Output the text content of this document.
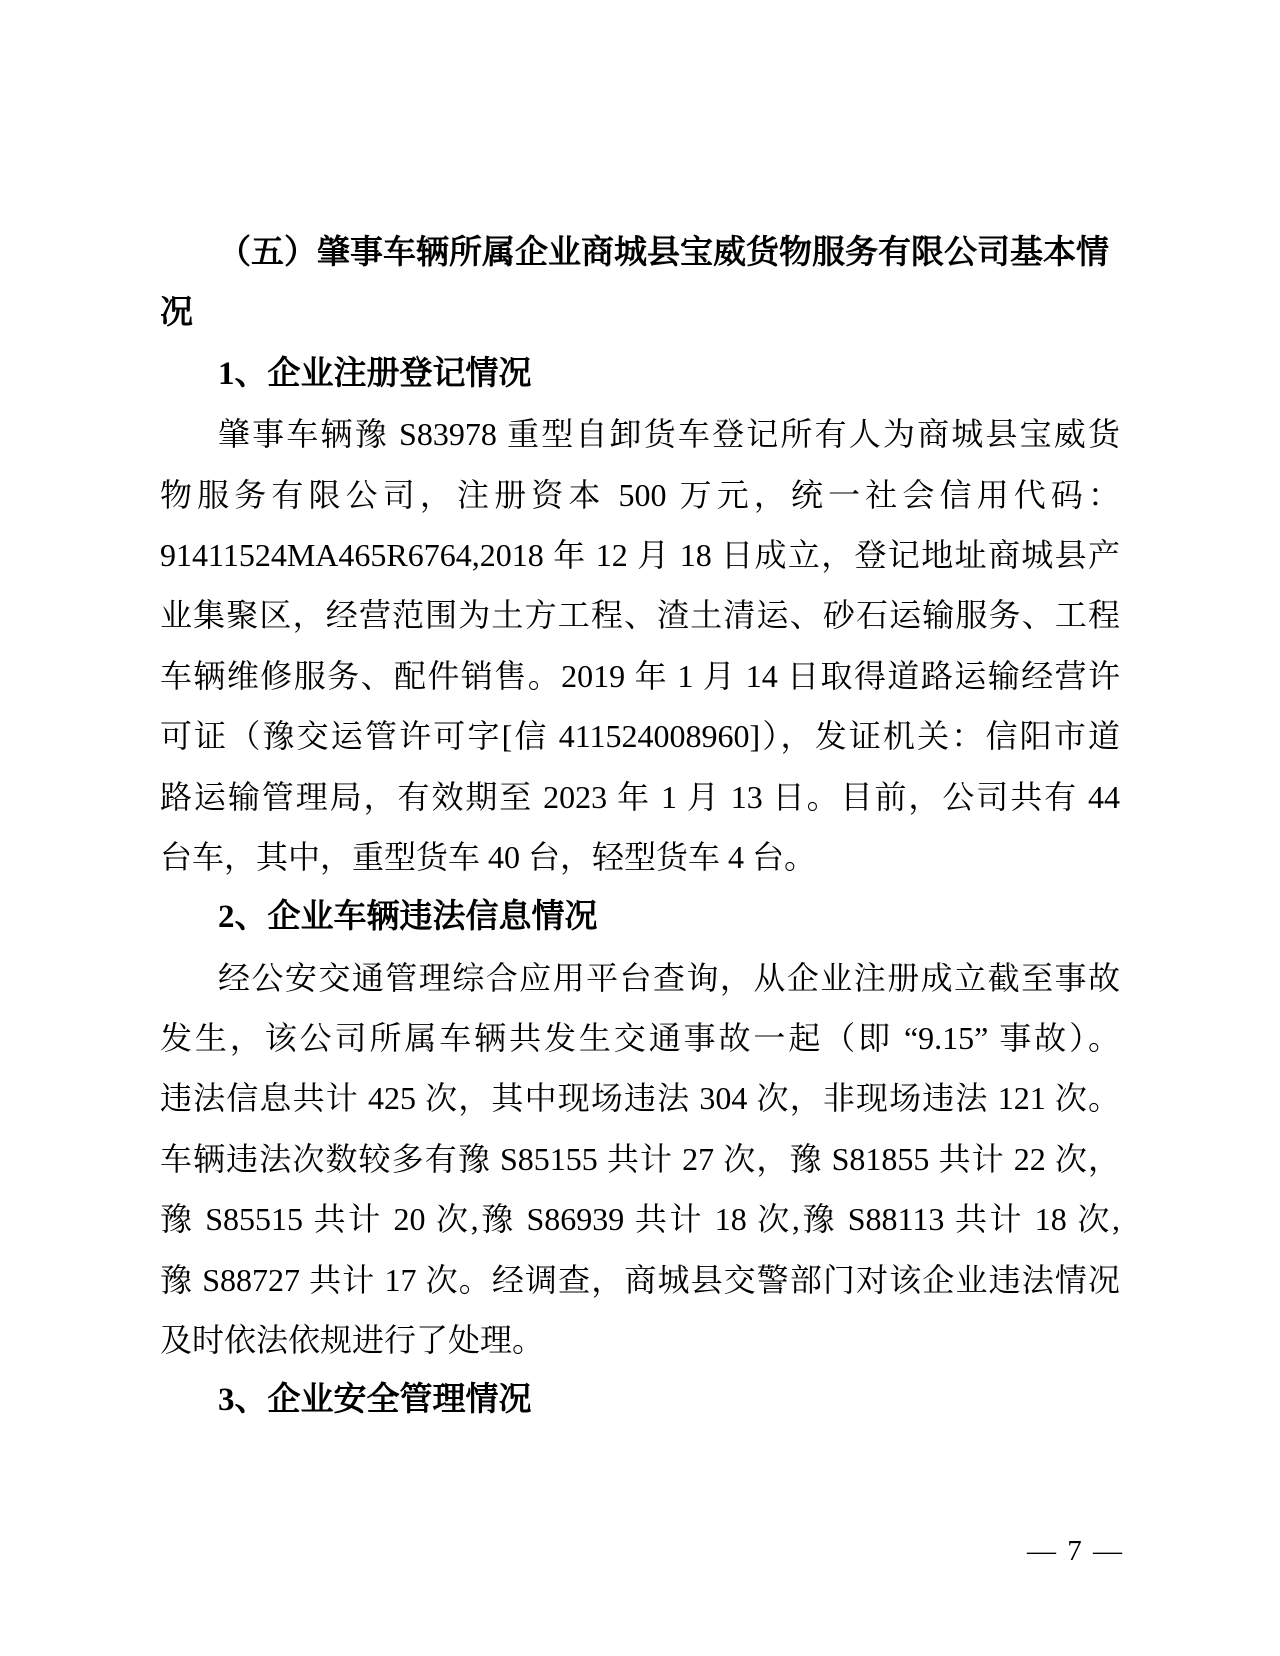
（五）肇事车辆所属企业商城县宝威货物服务有限公司基本情
况
1、企业注册登记情况
肇事车辆豫 S83978 重型自卸货车登记所有人为商城县宝威货
物服务有限公司，注册资本 500 万元，统一社会信用代码：
91411524MA465R6764,2018 年 12 月 18 日成立，登记地址商城县产
业集聚区，经营范围为土方工程、渣土清运、砂石运输服务、工程
车辆维修服务、配件销售。2019 年 1 月 14 日取得道路运输经营许
可证（豫交运管许可字[信 411524008960]），发证机关：信阳市道
路运输管理局，有效期至 2023 年 1 月 13 日。目前，公司共有 44
台车，其中，重型货车 40 台，轻型货车 4 台。
2、企业车辆违法信息情况
经公安交通管理综合应用平台查询，从企业注册成立截至事故
发生，该公司所属车辆共发生交通事故一起（即 “9.15” 事故）。
违法信息共计 425 次，其中现场违法 304 次，非现场违法 121 次。
车辆违法次数较多有豫 S85155 共计 27 次，豫 S81855 共计 22 次，
豫 S85515 共计 20 次,豫 S86939 共计 18 次,豫 S88113 共计 18 次,
豫 S88727 共计 17 次。经调查，商城县交警部门对该企业违法情况
及时依法依规进行了处理。
3、企业安全管理情况
— 7 —
